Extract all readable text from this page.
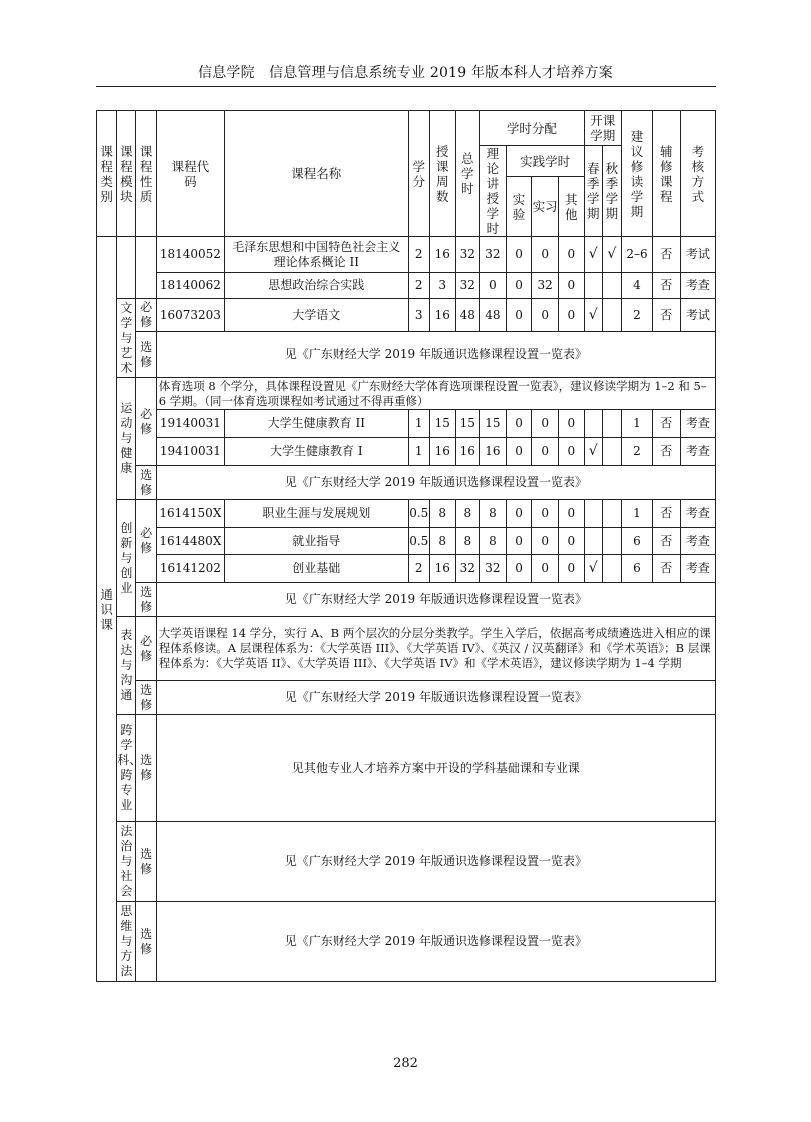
信息学院　信息管理与信息系统专业 2019 年版本科人才培养方案
课程类别	课程模块	课程性质	课程代码	课程名称	学分	授课周数	总学时	学时分配				开课学期		建议修读学期	辅修课程	考核方式
								理论讲授学时	实践学时			春季学期	秋季学期			
									实验	实习	其他					
通识课			18140052	毛泽东思想和中国特色社会主义理论体系概论 II	2	16	32	32	0	0	0	√	√	2–6	否	考试
			18140062	思想政治综合实践	2	3	32	0	0	32	0			4	否	考查
	文学与艺术	必修	16073203	大学语文	3	16	48	48	0	0	0	√		2	否	考试
		选修	见《广东财经大学 2019 年版通识选修课程设置一览表》													
	运动与健康	必修	体育选项 8 个学分，具体课程设置见《广东财经大学体育选项课程设置一览表》，建议修读学期为 1–2 和 5–6 学期。（同一体育选项课程如考试通过不得再重修）													
			19140031	大学生健康教育 II	1	15	15	15	0	0	0			1	否	考查
			19410031	大学生健康教育 I	1	16	16	16	0	0	0	√		2	否	考查
		选修	见《广东财经大学 2019 年版通识选修课程设置一览表》													
	创新与创业	必修	1614150X	职业生涯与发展规划	0.5	8	8	8	0	0	0			1	否	考查
			1614480X	就业指导	0.5	8	8	8	0	0	0			6	否	考查
			16141202	创业基础	2	16	32	32	0	0	0	√		6	否	考查
		选修	见《广东财经大学 2019 年版通识选修课程设置一览表》													
	表达与沟通	必修	大学英语课程 14 学分，实行 A、B 两个层次的分层分类教学。学生入学后，依据高考成绩遴选进入相应的课程体系修读。A 层课程体系为：《大学英语 III》、《大学英语 IV》、《英汉 / 汉英翻译》和《学术英语》；B 层课程体系为：《大学英语 II》、《大学英语 III》、《大学英语 IV》和《学术英语》，建议修读学期为 1–4 学期													
		选修	见《广东财经大学 2019 年版通识选修课程设置一览表》													
	跨学科、跨专业	选修	见其他专业人才培养方案中开设的学科基础课和专业课													
	法治与社会	选修	见《广东财经大学 2019 年版通识选修课程设置一览表》													
	思维与方法	选修	见《广东财经大学 2019 年版通识选修课程设置一览表》													
282
